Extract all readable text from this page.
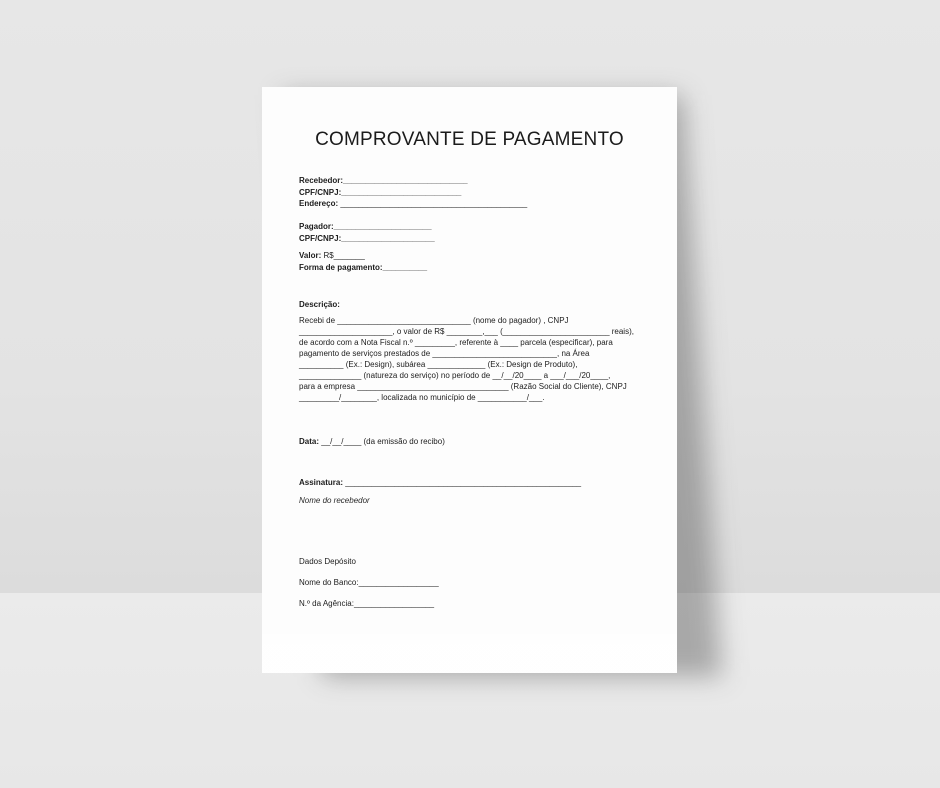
COMPROVANTE DE PAGAMENTO
Recebedor:____________________________
CPF/CNPJ:___________________________
Endereço: __________________________________________
Pagador:______________________
CPF/CNPJ:_____________________
Valor: R$_______
Forma de pagamento:__________
Descrição:
Recebi de ______________________________ (nome do pagador) , CNPJ
_____________________, o valor de R$ ________,___ (________________________ reais),
de acordo com a Nota Fiscal n.º _________, referente à ____ parcela (especificar), para
pagamento de serviços prestados de ____________________________, na Área
__________ (Ex.: Design), subárea _____________ (Ex.: Design de Produto),
______________ (natureza do serviço) no período de __/__/20____ a ___/___/20____,
para a empresa __________________________________ (Razão Social do Cliente), CNPJ
_________/________, localizada no município de ___________/___.
Data: __/__/____ (da emissão do recibo)
Assinatura: _____________________________________________________
Nome do recebedor
Dados Depósito
Nome do Banco:__________________
N.º da Agência:__________________
